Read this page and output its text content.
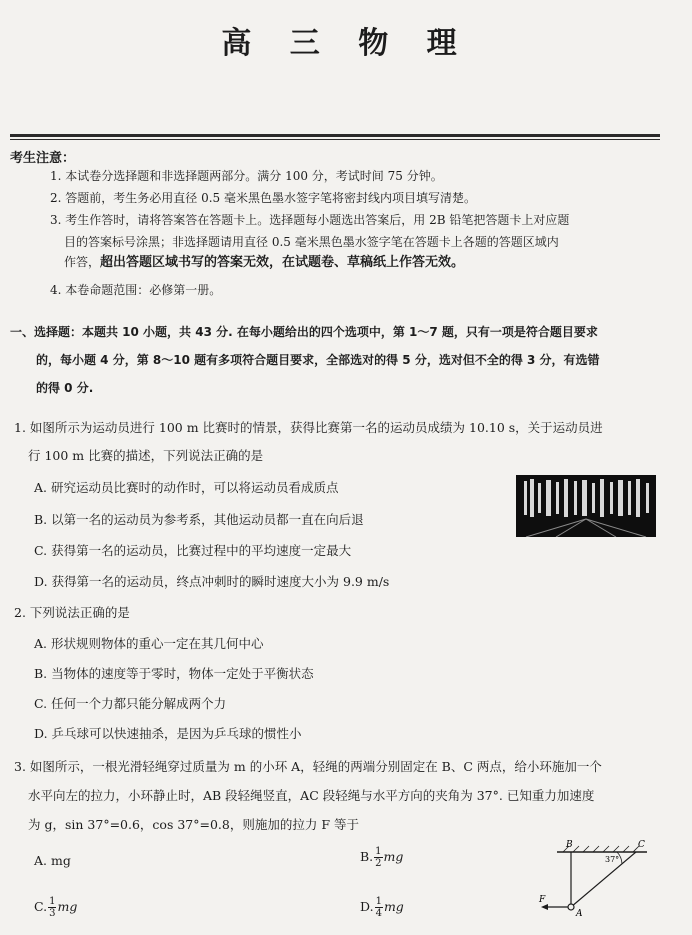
高 三 物 理
考生注意：
1. 本试卷分选择题和非选择题两部分。满分 100 分，考试时间 75 分钟。
2. 答题前，考生务必用直径 0.5 毫米黑色墨水签字笔将密封线内项目填写清楚。
3. 考生作答时，请将答案答在答题卡上。选择题每小题选出答案后，用 2B 铅笔把答题卡上对应题
目的答案标号涂黑；非选择题请用直径 0.5 毫米黑色墨水签字笔在答题卡上各题的答题区域内
作答，超出答题区域书写的答案无效，在试题卷、草稿纸上作答无效。
4. 本卷命题范围：必修第一册。
一、选择题：本题共 10 小题，共 43 分. 在每小题给出的四个选项中，第 1～7 题，只有一项是符合题目要求

的，每小题 4 分，第 8～10 题有多项符合题目要求，全部选对的得 5 分，选对但不全的得 3 分，有选错
的得 0 分.
1. 如图所示为运动员进行 100 m 比赛时的情景，获得比赛第一名的运动员成绩为 10.10 s，关于运动员进
行 100 m 比赛的描述，下列说法正确的是
A. 研究运动员比赛时的动作时，可以将运动员看成质点
B. 以第一名的运动员为参考系，其他运动员都一直在向后退
C. 获得第一名的运动员，比赛过程中的平均速度一定最大
D. 获得第一名的运动员，终点冲刺时的瞬时速度大小为 9.9 m/s
2. 下列说法正确的是
A. 形状规则物体的重心一定在其几何中心
B. 当物体的速度等于零时，物体一定处于平衡状态
C. 任何一个力都只能分解成两个力
D. 乒乓球可以快速抽杀，是因为乒乓球的惯性小
3. 如图所示，一根光滑轻绳穿过质量为 m 的小环 A，轻绳的两端分别固定在 B、C 两点，给小环施加一个
水平向左的拉力，小环静止时，AB 段轻绳竖直，AC 段轻绳与水平方向的夹角为 37°. 已知重力加速度
为 g，sin 37°=0.6，cos 37°=0.8，则施加的拉力 F 等于
A. mg	B. $\frac{1}{2}$ mg
C. $\frac{1}{3}$ mg	D. $\frac{1}{4}$ mg
B	C
A
F
37°
